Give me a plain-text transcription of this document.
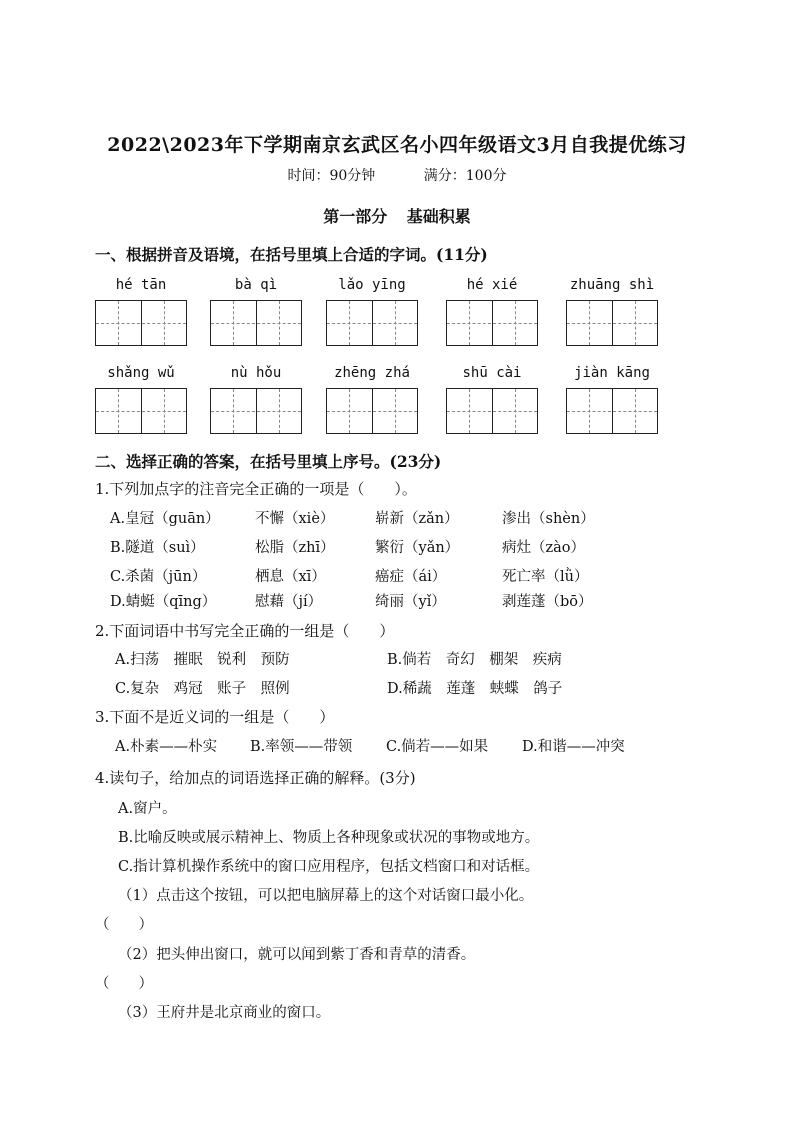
2022\2023年下学期南京玄武区名小四年级语文3月自我提优练习
时间：90分钟	满分：100分
第一部分 基础积累
一、根据拼音及语境，在括号里填上合适的字词。(11分)
hé tān	bà qì	lǎo yīng	hé xié	zhuāng shì
shǎng wǔ	nù hǒu	zhēng zhá	shū cài	jiàn kāng
二、选择正确的答案，在括号里填上序号。(23分)
1.下列加点字的注音完全正确的一项是（　　）。
A.皇冠（guān） 不懈（xiè）	崭新（zǎn）	渗出（shèn）
B.隧道（suì）	松脂（zhī）	繁衍（yǎn）	病灶（zào）
C.杀菌（jūn）	栖息（xī）	癌症（ái）	死亡率（lǜ）
D.蜻蜓（qīng）	慰藉（jí）	绮丽（yǐ）	剥莲蓬（bō）
2.下面词语中书写完全正确的一组是（　　）
A.扫荡　摧眠　锐利　预防	B.倘若　奇幻　棚架　疾病
C.复杂　鸡冠　账子　照例	D.稀蔬　莲蓬　蛱蝶　鸽子
3.下面不是近义词的一组是（　　）
A.朴素——朴实 B.率领——带领 C.倘若——如果 D.和谐——冲突
4.读句子，给加点的词语选择正确的解释。(3分)
A.窗户。
B.比喻反映或展示精神上、物质上各种现象或状况的事物或地方。
C.指计算机操作系统中的窗口应用程序，包括文档窗口和对话框。
（1）点击这个按钮，可以把电脑屏幕上的这个对话窗口最小化。
（　　）
（2）把头伸出窗口，就可以闻到紫丁香和青草的清香。
（　　）
（3）王府井是北京商业的窗口。
